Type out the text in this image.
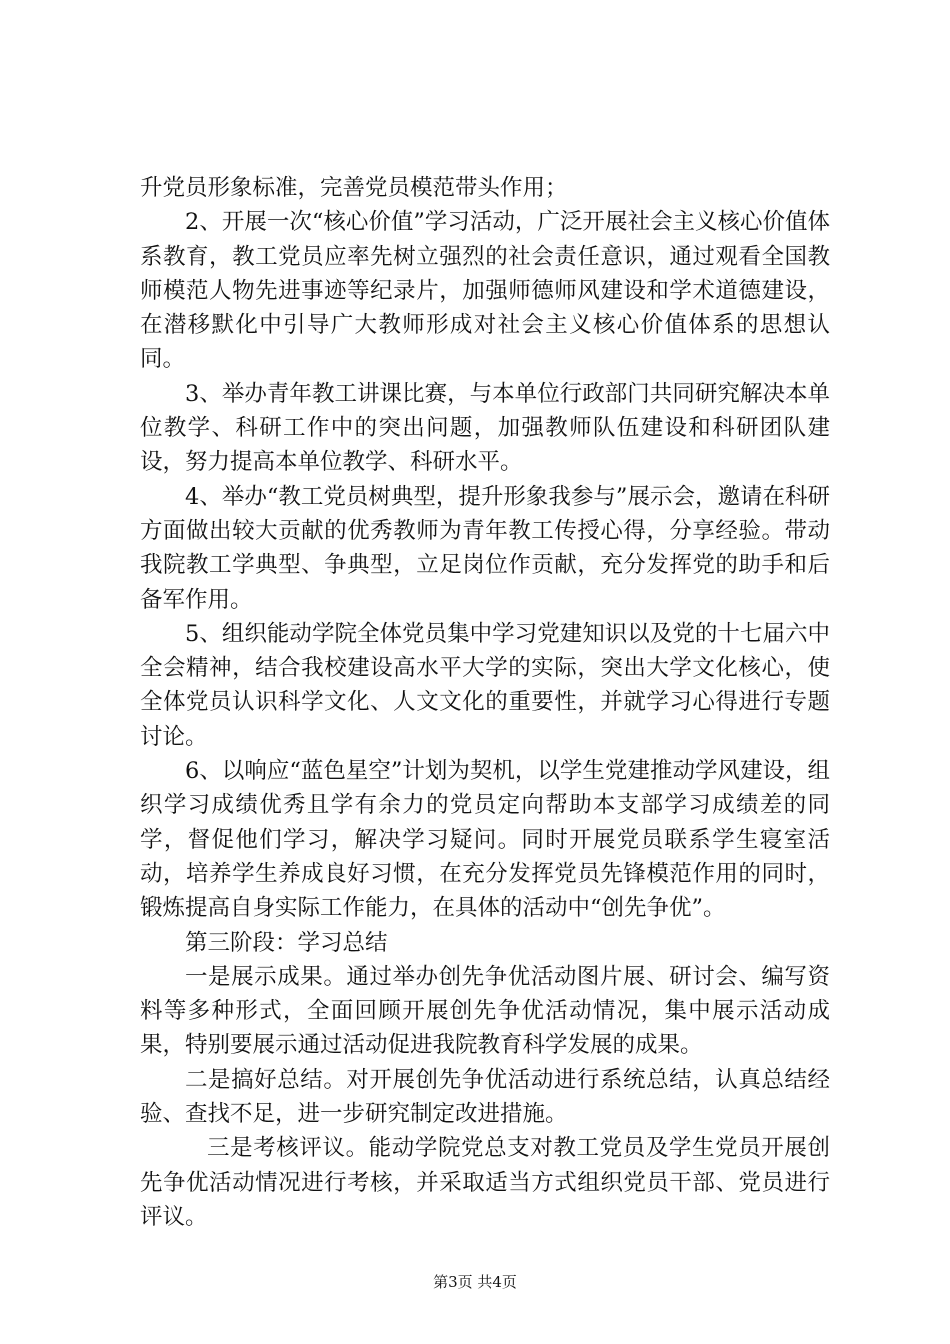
升党员形象标准，完善党员模范带头作用；

2、开展一次“核心价值”学习活动，广泛开展社会主义核心价值体系教育，教工党员应率先树立强烈的社会责任意识，通过观看全国教师模范人物先进事迹等纪录片，加强师德师风建设和学术道德建设，在潜移默化中引导广大教师形成对社会主义核心价值体系的思想认同。

3、举办青年教工讲课比赛，与本单位行政部门共同研究解决本单位教学、科研工作中的突出问题，加强教师队伍建设和科研团队建设，努力提高本单位教学、科研水平。

4、举办“教工党员树典型，提升形象我参与”展示会，邀请在科研方面做出较大贡献的优秀教师为青年教工传授心得，分享经验。带动我院教工学典型、争典型，立足岗位作贡献，充分发挥党的助手和后备军作用。

5、组织能动学院全体党员集中学习党建知识以及党的十七届六中全会精神，结合我校建设高水平大学的实际，突出大学文化核心，使全体党员认识科学文化、人文文化的重要性，并就学习心得进行专题讨论。

6、以响应“蓝色星空”计划为契机，以学生党建推动学风建设，组织学习成绩优秀且学有余力的党员定向帮助本支部学习成绩差的同学，督促他们学习，解决学习疑问。同时开展党员联系学生寝室活动，培养学生养成良好习惯，在充分发挥党员先锋模范作用的同时，锻炼提高自身实际工作能力，在具体的活动中“创先争优”。

第三阶段：学习总结

一是展示成果。通过举办创先争优活动图片展、研讨会、编写资料等多种形式，全面回顾开展创先争优活动情况，集中展示活动成果，特别要展示通过活动促进我院教育科学发展的成果。

二是搞好总结。对开展创先争优活动进行系统总结，认真总结经验、查找不足，进一步研究制定改进措施。

三是考核评议。能动学院党总支对教工党员及学生党员开展创先争优活动情况进行考核，并采取适当方式组织党员干部、党员进行评议。

第3页 共4页
